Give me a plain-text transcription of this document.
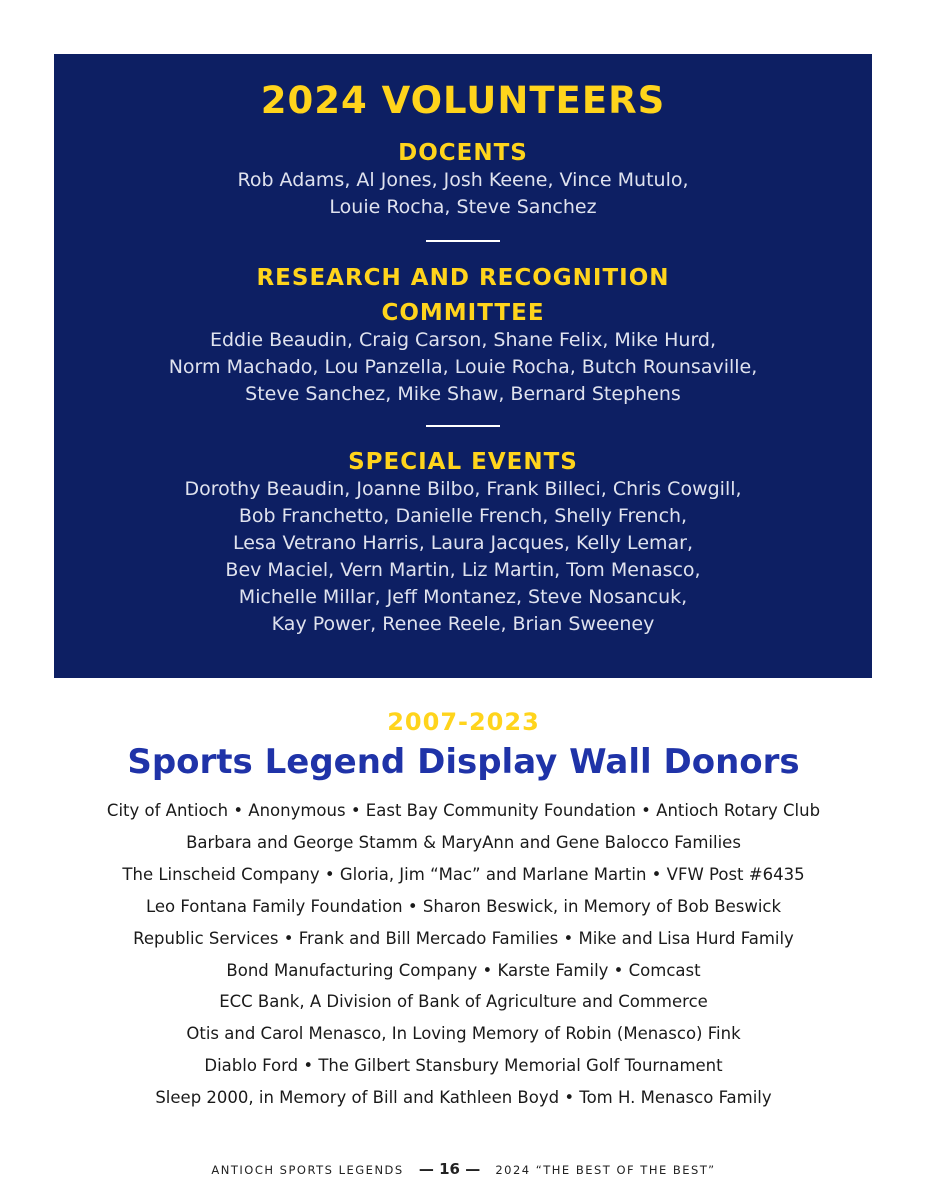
2024 VOLUNTEERS
DOCENTS
Rob Adams, Al Jones, Josh Keene, Vince Mutulo,
Louie Rocha, Steve Sanchez
RESEARCH AND RECOGNITION
COMMITTEE
Eddie Beaudin, Craig Carson, Shane Felix, Mike Hurd,
Norm Machado, Lou Panzella, Louie Rocha, Butch Rounsaville,
Steve Sanchez, Mike Shaw, Bernard Stephens
SPECIAL EVENTS
Dorothy Beaudin, Joanne Bilbo, Frank Billeci, Chris Cowgill,
Bob Franchetto, Danielle French, Shelly French,
Lesa Vetrano Harris, Laura Jacques, Kelly Lemar,
Bev Maciel, Vern Martin, Liz Martin, Tom Menasco,
Michelle Millar, Jeff Montanez, Steve Nosancuk,
Kay Power, Renee Reele, Brian Sweeney
2007-2023
Sports Legend Display Wall Donors
City of Antioch • Anonymous • East Bay Community Foundation • Antioch Rotary Club
Barbara and George Stamm & MaryAnn and Gene Balocco Families
The Linscheid Company • Gloria, Jim “Mac” and Marlane Martin • VFW Post #6435
Leo Fontana Family Foundation • Sharon Beswick, in Memory of Bob Beswick
Republic Services • Frank and Bill Mercado Families • Mike and Lisa Hurd Family
Bond Manufacturing Company • Karste Family • Comcast
ECC Bank, A Division of Bank of Agriculture and Commerce
Otis and Carol Menasco, In Loving Memory of Robin (Menasco) Fink
Diablo Ford • The Gilbert Stansbury Memorial Golf Tournament
Sleep 2000, in Memory of Bill and Kathleen Boyd • Tom H. Menasco Family
ANTIOCH SPORTS LEGENDS — 16 — 2024 “THE BEST OF THE BEST”
